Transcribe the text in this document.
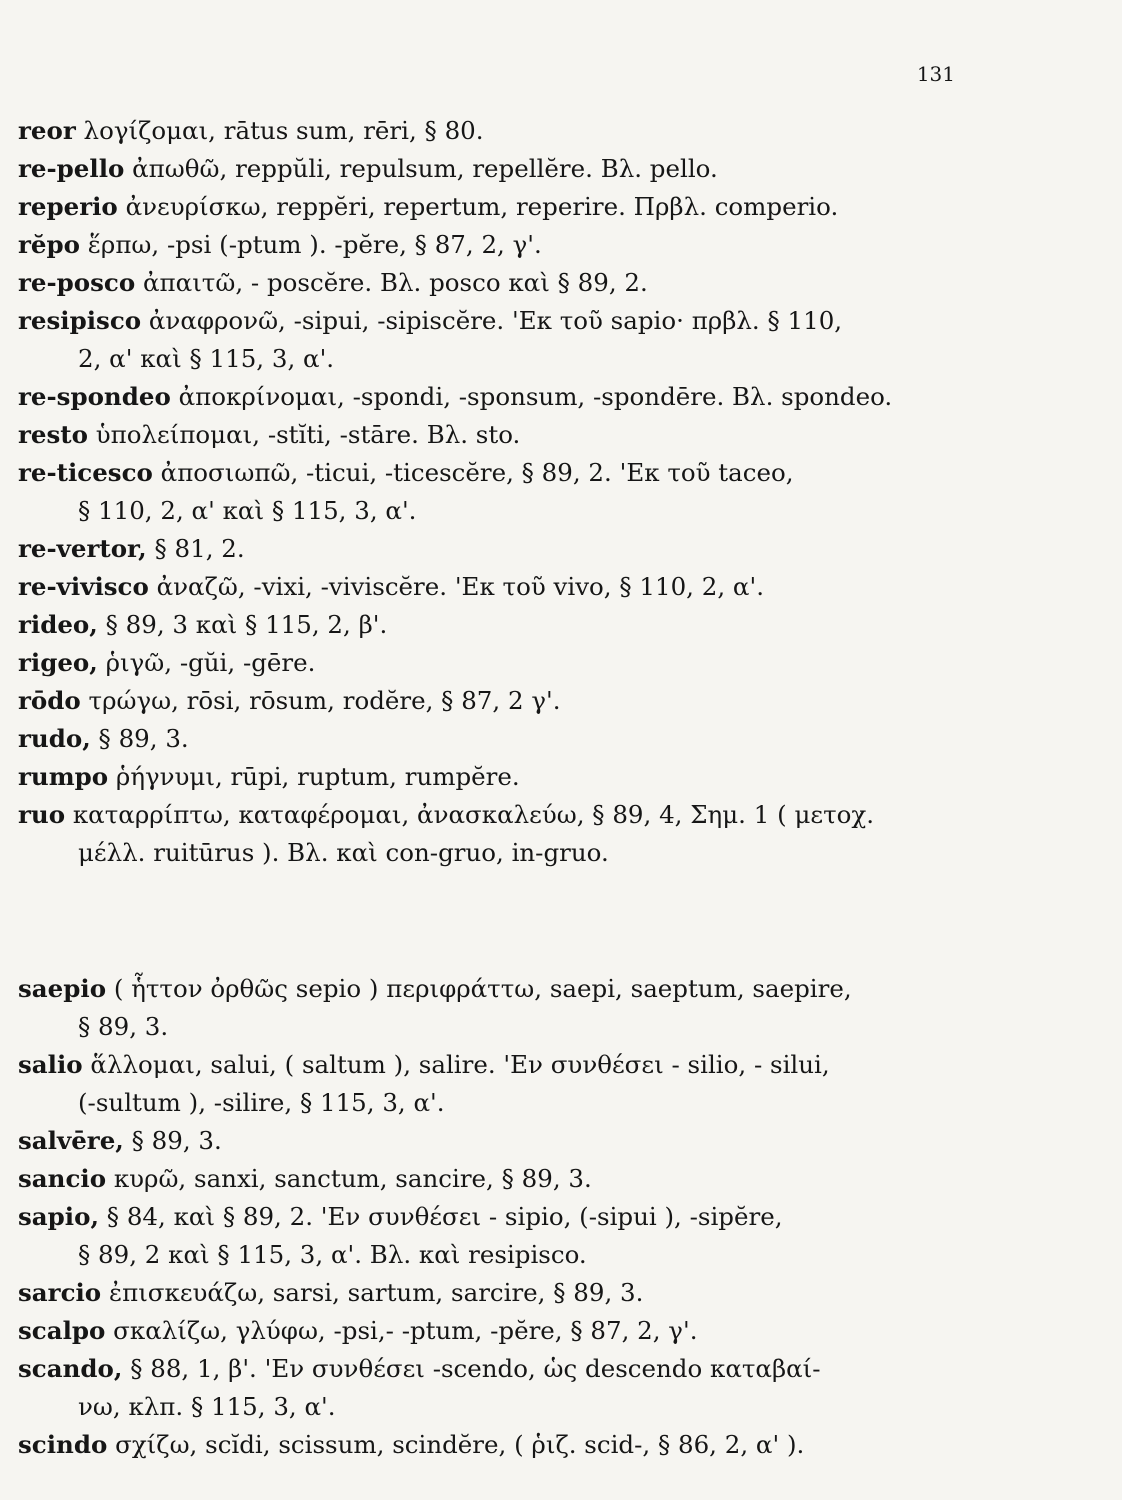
131
reor λογίζομαι, rātus sum, rēri, § 80.
re-pello ἀπωθῶ, reppŭli, repulsum, repellĕre. Βλ. pello.
reperio ἀνευρίσκω, reppĕri, repertum, reperire. Πρβλ. comperio.
rĕpo ἕρπω, -psi (-ptum ). -pĕre, § 87, 2, γ'.
re-posco ἀπαιτῶ, - poscĕre. Βλ. posco καὶ § 89, 2.
resipisco ἀναφρονῶ, -sipui, -sipiscĕre. 'Εκ τοῦ sapio· πρβλ. § 110,
2, α' καὶ § 115, 3, α'.
re-spondeo ἀποκρίνομαι, -spondi, -sponsum, -spondēre. Βλ. spondeo.
resto ὑπολείπομαι, -stĭti, -stāre. Βλ. sto.
re-ticesco ἀποσιωπῶ, -ticui, -ticescĕre, § 89, 2. 'Εκ τοῦ taceo,
§ 110, 2, α' καὶ § 115, 3, α'.
re-vertor, § 81, 2.
re-vivisco ἀναζῶ, -vixi, -viviscĕre. 'Εκ τοῦ vivo, § 110, 2, α'.
rideo, § 89, 3 καὶ § 115, 2, β'.
rigeo, ῥιγῶ, -gŭi, -gēre.
rōdo τρώγω, rōsi, rōsum, rodĕre, § 87, 2 γ'.
rudo, § 89, 3.
rumpo ῥήγνυμι, rūpi, ruptum, rumpĕre.
ruo καταρρίπτω, καταφέρομαι, ἀνασκαλεύω, § 89, 4, Σημ. 1 ( μετοχ.
μέλλ. ruitūrus ). Βλ. καὶ con-gruo, in-gruo.
saepio ( ἧττον ὀρθῶς sepio ) περιφράττω, saepi, saeptum, saepire,
§ 89, 3.
salio ἅλλομαι, salui, ( saltum ), salire. 'Εν συνθέσει - silio, - silui,
(-sultum ), -silire, § 115, 3, α'.
salvēre, § 89, 3.
sancio κυρῶ, sanxi, sanctum, sancire, § 89, 3.
sapio, § 84, καὶ § 89, 2. 'Εν συνθέσει - sipio, (-sipui ), -sipĕre,
§ 89, 2 καὶ § 115, 3, α'. Βλ. καὶ resipisco.
sarcio ἐπισκευάζω, sarsi, sartum, sarcire, § 89, 3.
scalpo σκαλίζω, γλύφω, -psi,- -ptum, -pĕre, § 87, 2, γ'.
scando, § 88, 1, β'. 'Εν συνθέσει -scendo, ὡς descendo καταβαί-
νω, κλπ. § 115, 3, α'.
scindo σχίζω, scĭdi, scissum, scindĕre, ( ῥιζ. scid-, § 86, 2, α' ).
